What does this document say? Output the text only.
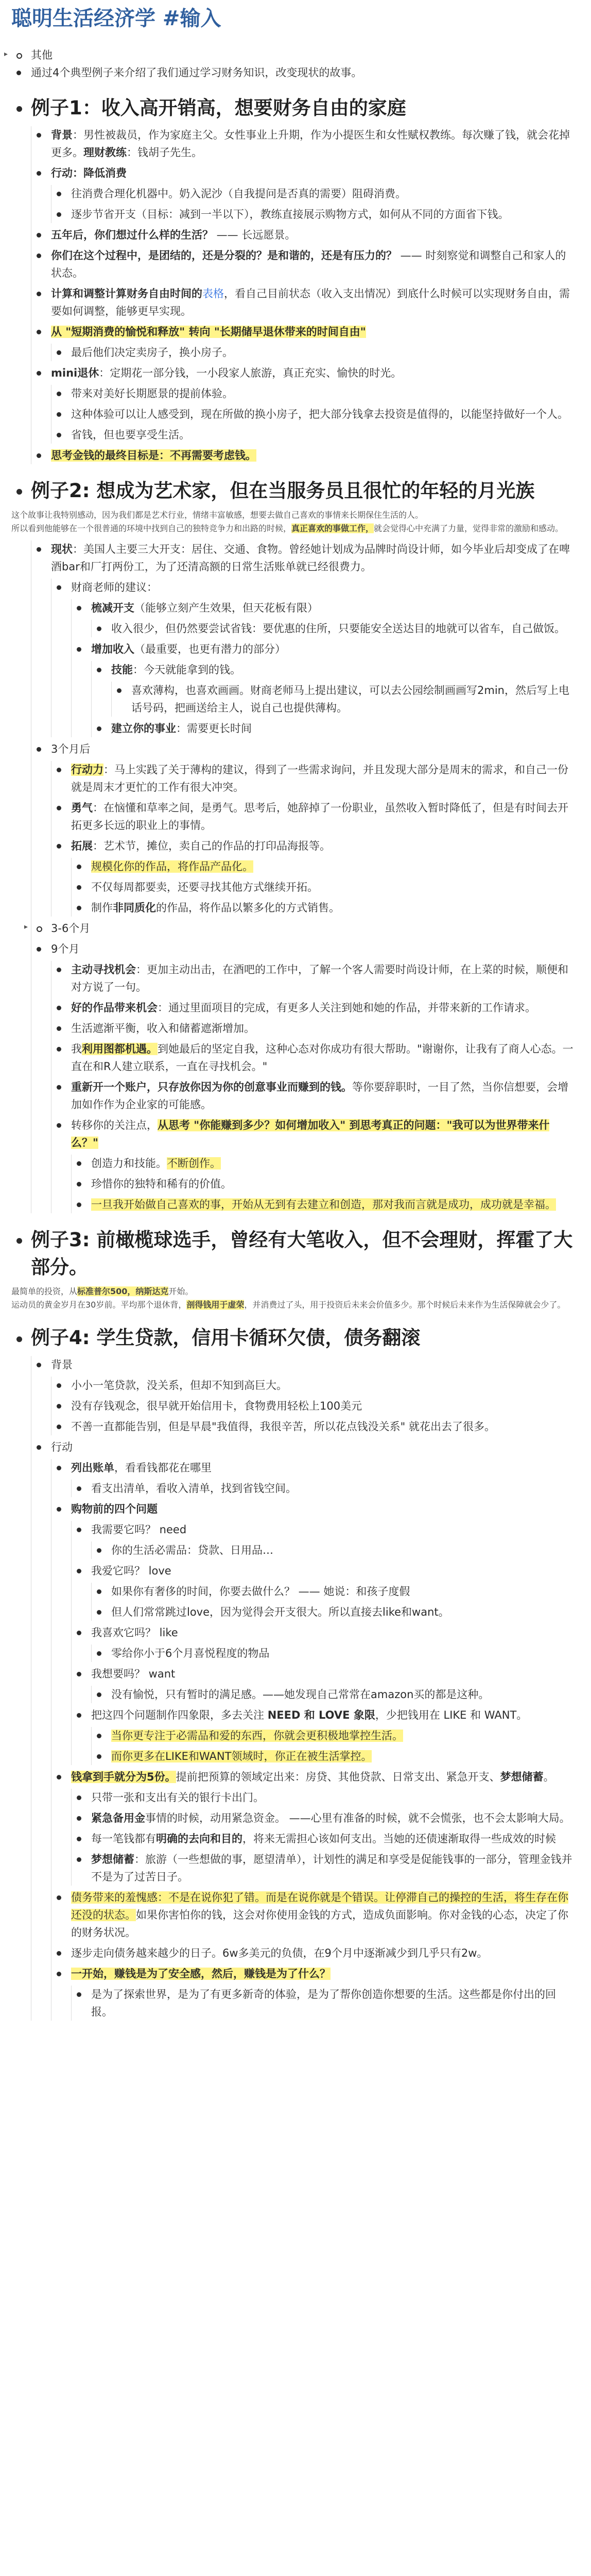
聪明生活经济学 #输入
▸ 其他
通过4个典型例子来介绍了我们通过学习财务知识，改变现状的故事。
例子1：收入高开销高，想要财务自由的家庭
背景：男性被裁员，作为家庭主父。女性事业上升期，作为小提医生和女性赋权教练。每次赚了钱，就会花掉更多。理财教练：钱胡子先生。
行动：降低消费
往消费合理化机器中。奶入泥沙（自我提问是否真的需要）阻碍消费。
逐步节省开支（目标：减到一半以下），教练直接展示购物方式，如何从不同的方面省下钱。
五年后，你们想过什么样的生活？ —— 长远愿景。
你们在这个过程中，是团结的，还是分裂的？是和谐的，还是有压力的？ —— 时刻察觉和调整自己和家人的状态。
计算和调整计算财务自由时间的表格，看自己目前状态（收入支出情况）到底什么时候可以实现财务自由，需要如何调整，能够更早实现。
从 "短期消费的愉悦和释放" 转向 "长期储早退休带来的时间自由"
最后他们决定卖房子，换小房子。
mini退休：定期花一部分钱，一小段家人旅游，真正充实、愉快的时光。
带来对美好长期愿景的提前体验。
这种体验可以让人感受到，现在所做的换小房子，把大部分钱拿去投资是值得的，以能坚持做好一个人。
省钱，但也要享受生活。
思考金钱的最终目标是：不再需要考虑钱。
例子2: 想成为艺术家，但在当服务员且很忙的年轻的月光族
这个故事让我特别感动，因为我们都是艺术行业，情绪丰富敏感，想要去做自己喜欢的事情来长期保住生活的人。
所以看到他能够在一个很普通的环境中找到自己的独特竞争力和出路的时候，真正喜欢的事做工作，就会觉得心中充满了力量，觉得非常的激励和感动。
现状：美国人主要三大开支：居住、交通、食物。曾经她计划成为品牌时尚设计师，如今毕业后却变成了在啤酒bar和厂打两份工，为了还清高额的日常生活账单就已经很费力。
财商老师的建议：
梳减开支（能够立刻产生效果，但天花板有限）
收入很少，但仍然要尝试省钱：要优惠的住所，只要能安全送达目的地就可以省车，自己做饭。
增加收入（最重要，也更有潜力的部分）
技能：今天就能拿到的钱。
喜欢薄构，也喜欢画画。财商老师马上提出建议，可以去公园绘制画画写2min，然后写上电话号码，把画送给主人，说自己也提供薄构。
建立你的事业：需要更长时间
3个月后
行动力：马上实践了关于薄构的建议，得到了一些需求询问，并且发现大部分是周末的需求，和自己一份就是周末才更忙的工作有很大冲突。
勇气：在恼懂和草率之间，是勇气。思考后，她辞掉了一份职业，虽然收入暂时降低了，但是有时间去开拓更多长远的职业上的事情。
拓展：艺术节，摊位，卖自己的作品的打印品海报等。
规模化你的作品，将作品产品化。
不仅每周都要卖，还要寻找其他方式继续开拓。
制作非同质化的作品，将作品以繁多化的方式销售。
▸ 3-6个月
9个月
主动寻找机会：更加主动出击，在酒吧的工作中，了解一个客人需要时尚设计师，在上菜的时候，顺便和对方说了一句。
好的作品带来机会：通过里面项目的完成，有更多人关注到她和她的作品，并带来新的工作请求。
生活遮渐平衡，收入和储蓄遮渐增加。
我利用图都机遇。到她最后的坚定自我，这种心态对你成功有很大帮助。"谢谢你，让我有了商人心态。一直在和R人建立联系，一直在寻找机会。"
重新开一个账户，只存放你因为你的创意事业而赚到的钱。等你要辞职时，一目了然，当你信想要，会增加如作作为企业家的可能感。
转移你的关注点，从思考 "你能赚到多少？如何增加收入" 到思考真正的问题："我可以为世界带来什么？"
创造力和技能。不断创作。
珍惜你的独特和稀有的价值。
一旦我开始做自己喜欢的事，开始从无到有去建立和创造，那对我而言就是成功，成功就是幸福。
例子3: 前橄榄球选手，曾经有大笔收入，但不会理财，挥霍了大部分。
最简单的投资，从标准普尔500，纳斯达克开始。
运动员的黄金岁月在30岁前。平均那个退休背，剖得钱用于虚荣，并消费过了头，用于投资后未来会价值多少。那个时候后未来作为生活保障就会少了。
例子4: 学生贷款，信用卡循环欠债，债务翻滚
背景
小小一笔贷款，没关系，但却不知到高巨大。
没有存钱观念，很早就开始信用卡，食物费用轻松上100美元
不善一直都能告别，但是早晨"我值得，我很辛苦，所以花点钱没关系" 就花出去了很多。
行动
列出账单，看看钱都花在哪里
看支出清单，看收入清单，找到省钱空间。
购物前的四个问题
我需要它吗？ need
你的生活必需品：贷款、日用品…
我爱它吗？ love
如果你有奢侈的时间，你要去做什么？ —— 她说：和孩子度假
但人们常常跳过love，因为觉得会开支很大。所以直接去like和want。
我喜欢它吗？ like
零给你小于6个月喜悦程度的物品
我想要吗？ want
没有愉悦，只有暂时的满足感。——她发现自己常常在amazon买的都是这种。
把这四个问题制作四象限，多去关注 NEED 和 LOVE 象限，少把钱用在 LIKE 和 WANT。
当你更专注于必需品和爱的东西，你就会更积极地掌控生活。
而你更多在LIKE和WANT领域时，你正在被生活掌控。
钱拿到手就分为5份。提前把预算的领域定出来：房贷、其他贷款、日常支出、紧急开支、梦想储蓄。
只带一张和支出有关的银行卡出门。
紧急备用金事情的时候，动用紧急资金。 ——心里有准备的时候，就不会慌张，也不会太影响大局。
每一笔钱都有明确的去向和目的，将来无需担心该如何支出。当她的还债速渐取得一些成效的时候
梦想储蓄：旅游（一些想做的事，愿望清单），计划性的满足和享受是促能钱事的一部分，管理金钱并不是为了过苦日子。
债务带来的羞愧感：不是在说你犯了错。而是在说你就是个错误。让停滞自己的操控的生活，将生存在你还没的状态。如果你害怕你的钱，这会对你使用金钱的方式，造成负面影响。你对金钱的心态，决定了你的财务状况。
逐步走向债务越来越少的日子。6w多美元的负债，在9个月中逐渐减少到几乎只有2w。
一开始，赚钱是为了安全感，然后，赚钱是为了什么？
是为了探索世界，是为了有更多新奇的体验，是为了帮你创造你想要的生活。这些都是你付出的回报。
